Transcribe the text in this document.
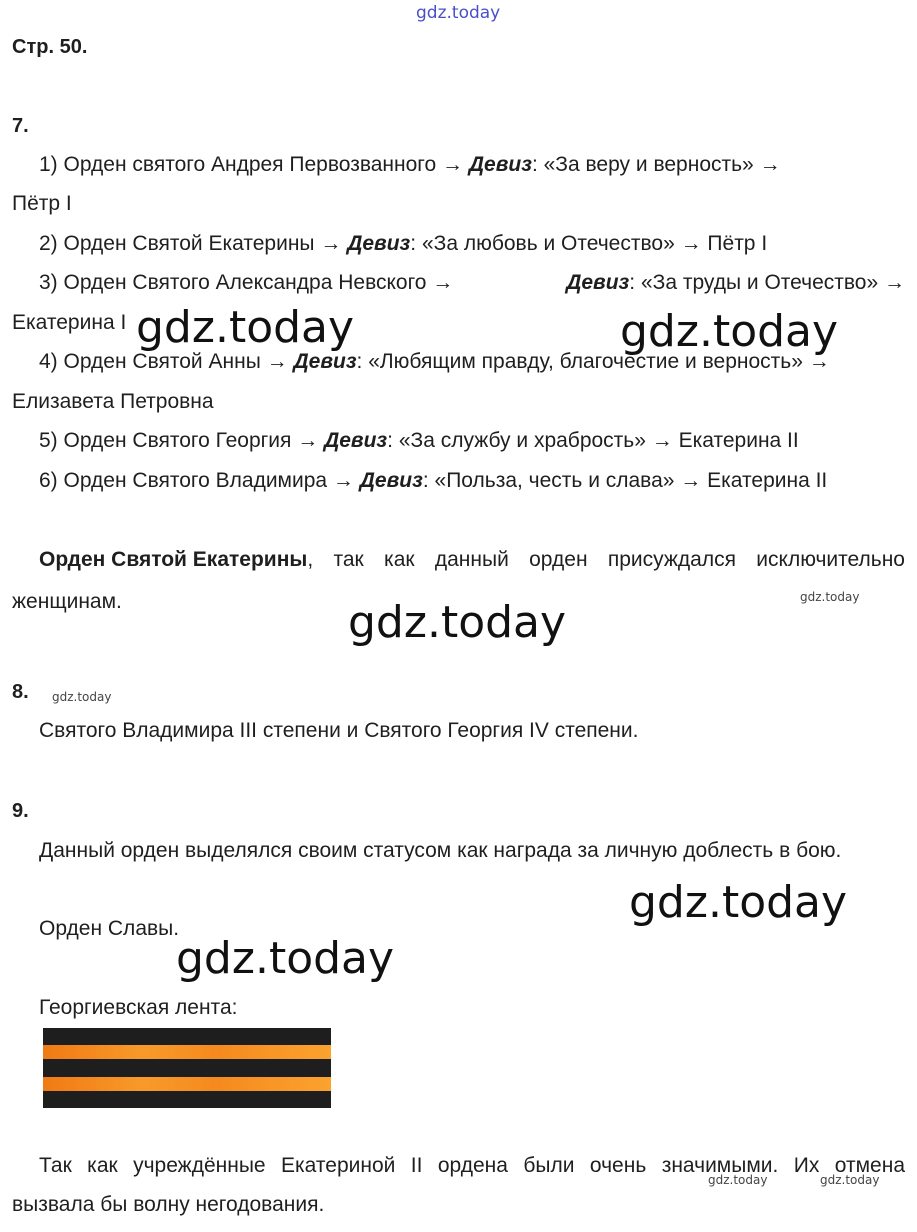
gdz.today
Стр. 50.
7.
1) Орден святого Андрея Первозванного → Девиз: «За веру и верность» →
Пётр I
2) Орден Святой Екатерины → Девиз: «За любовь и Отечество» → Пётр I
3) Орден Святого Александра Невского →	Девиз: «За труды и Отечество» →
Екатерина I
4) Орден Святой Анны → Девиз: «Любящим правду, благочестие и верность» →
Елизавета Петровна
5) Орден Святого Георгия → Девиз: «За службу и храбрость» → Екатерина II
6) Орден Святого Владимира → Девиз: «Польза, честь и слава» → Екатерина II
Орден Святой Екатерины , так как данный орден присуждался исключительно
женщинам.
8.
Святого Владимира III степени и Святого Георгия IV степени.
9.
Данный орден выделялся своим статусом как награда за личную доблесть в бою.
Орден Славы.
Георгиевская лента:
Так как учреждённые Екатериной II ордена были очень значимыми. Их отмена
вызвала бы волну негодования.
gdz.today	gdz.today
gdz.today
gdz.today
gdz.today
gdz.today
gdz.today
gdz.today	gdz.today
